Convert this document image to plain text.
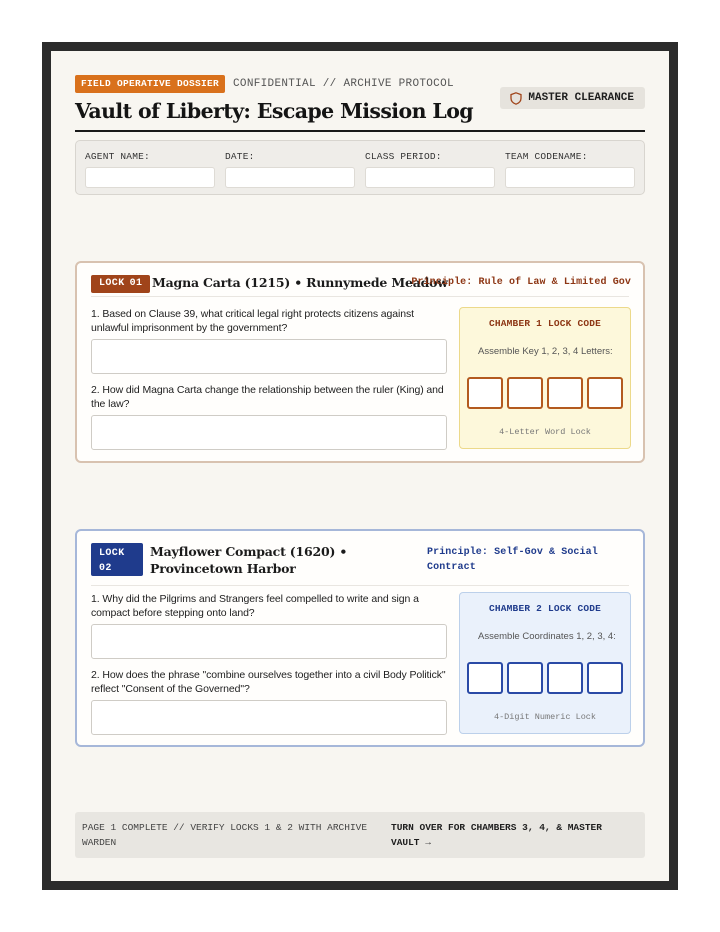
FIELD OPERATIVE DOSSIER	CONFIDENTIAL // ARCHIVE PROTOCOL
Vault of Liberty: Escape Mission Log
MASTER CLEARANCE
AGENT NAME:	DATE:	CLASS PERIOD:	TEAM CODENAME:
LOCK 01 Magna Carta (1215) • Runnymede Meadow
Principle: Rule of Law & Limited Gov
1. Based on Clause 39, what critical legal right protects citizens against unlawful imprisonment by the government?
2. How did Magna Carta change the relationship between the ruler (King) and the law?
CHAMBER 1 LOCK CODE
Assemble Key 1, 2, 3, 4 Letters:
4-Letter Word Lock
LOCK
02
Mayflower Compact (1620) • Provincetown Harbor
Principle: Self-Gov & Social Contract
1. Why did the Pilgrims and Strangers feel compelled to write and sign a compact before stepping onto land?
2. How does the phrase "combine ourselves together into a civil Body Politick" reflect "Consent of the Governed"?
CHAMBER 2 LOCK CODE
Assemble Coordinates 1, 2, 3, 4:
4-Digit Numeric Lock
PAGE 1 COMPLETE // VERIFY LOCKS 1 & 2 WITH ARCHIVE WARDEN
TURN OVER FOR CHAMBERS 3, 4, & MASTER VAULT →
